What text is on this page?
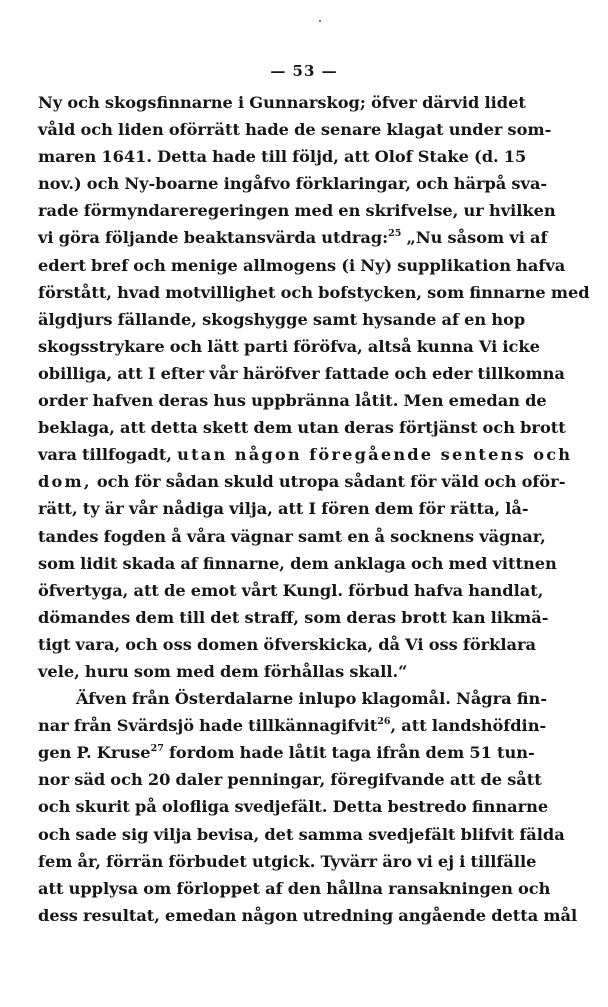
— 53 —
Ny och skogsfinnarne i Gunnarskog; öfver därvid lidet
våld och liden oförrätt hade de senare klagat under som-
maren 1641. Detta hade till följd, att Olof Stake (d. 15
nov.) och Ny-boarne ingåfvo förklaringar, och härpå sva-
rade förmyndareregeringen med en skrifvelse, ur hvilken
vi göra följande beaktansvärda utdrag:$^{25}$ „Nu såsom vi af
edert bref och menige allmogens (i Ny) supplikation hafva
förstått, hvad motvillighet och bofstycken, som finnarne med
älgdjurs fällande, skogshygge samt hysande af en hop
skogsstrykare och lätt parti föröfva, altså kunna Vi icke
obilliga, att I efter vår häröfver fattade och eder tillkomna
order hafven deras hus uppbränna låtit. Men emedan de
beklaga, att detta skett dem utan deras förtjänst och brott
vara tillfogadt, utan någon föregående sentens och
dom, och för sådan skuld utropa sådant för väld och oför-
rätt, ty är vår nådiga vilja, att I fören dem för rätta, lå-
tandes fogden å våra vägnar samt en å socknens vägnar,
som lidit skada af finnarne, dem anklaga och med vittnen
öfvertyga, att de emot vårt Kungl. förbud hafva handlat,
dömandes dem till det straff, som deras brott kan likmä-
tigt vara, och oss domen öfverskicka, då Vi oss förklara
vele, huru som med dem förhållas skall.“
Äfven från Österdalarne inlupo klagomål. Några fin-
nar från Svärdsjö hade tillkännagifvit$^{26}$, att landshöfdin-
gen P. Kruse$^{27}$ fordom hade låtit taga ifrån dem 51 tun-
nor säd och 20 daler penningar, föregifvande att de sått
och skurit på olofliga svedjefält. Detta bestredo finnarne
och sade sig vilja bevisa, det samma svedjefält blifvit fälda
fem år, förrän förbudet utgick. Tyvärr äro vi ej i tillfälle
att upplysa om förloppet af den hållna ransakningen och
dess resultat, emedan någon utredning angående detta mål
